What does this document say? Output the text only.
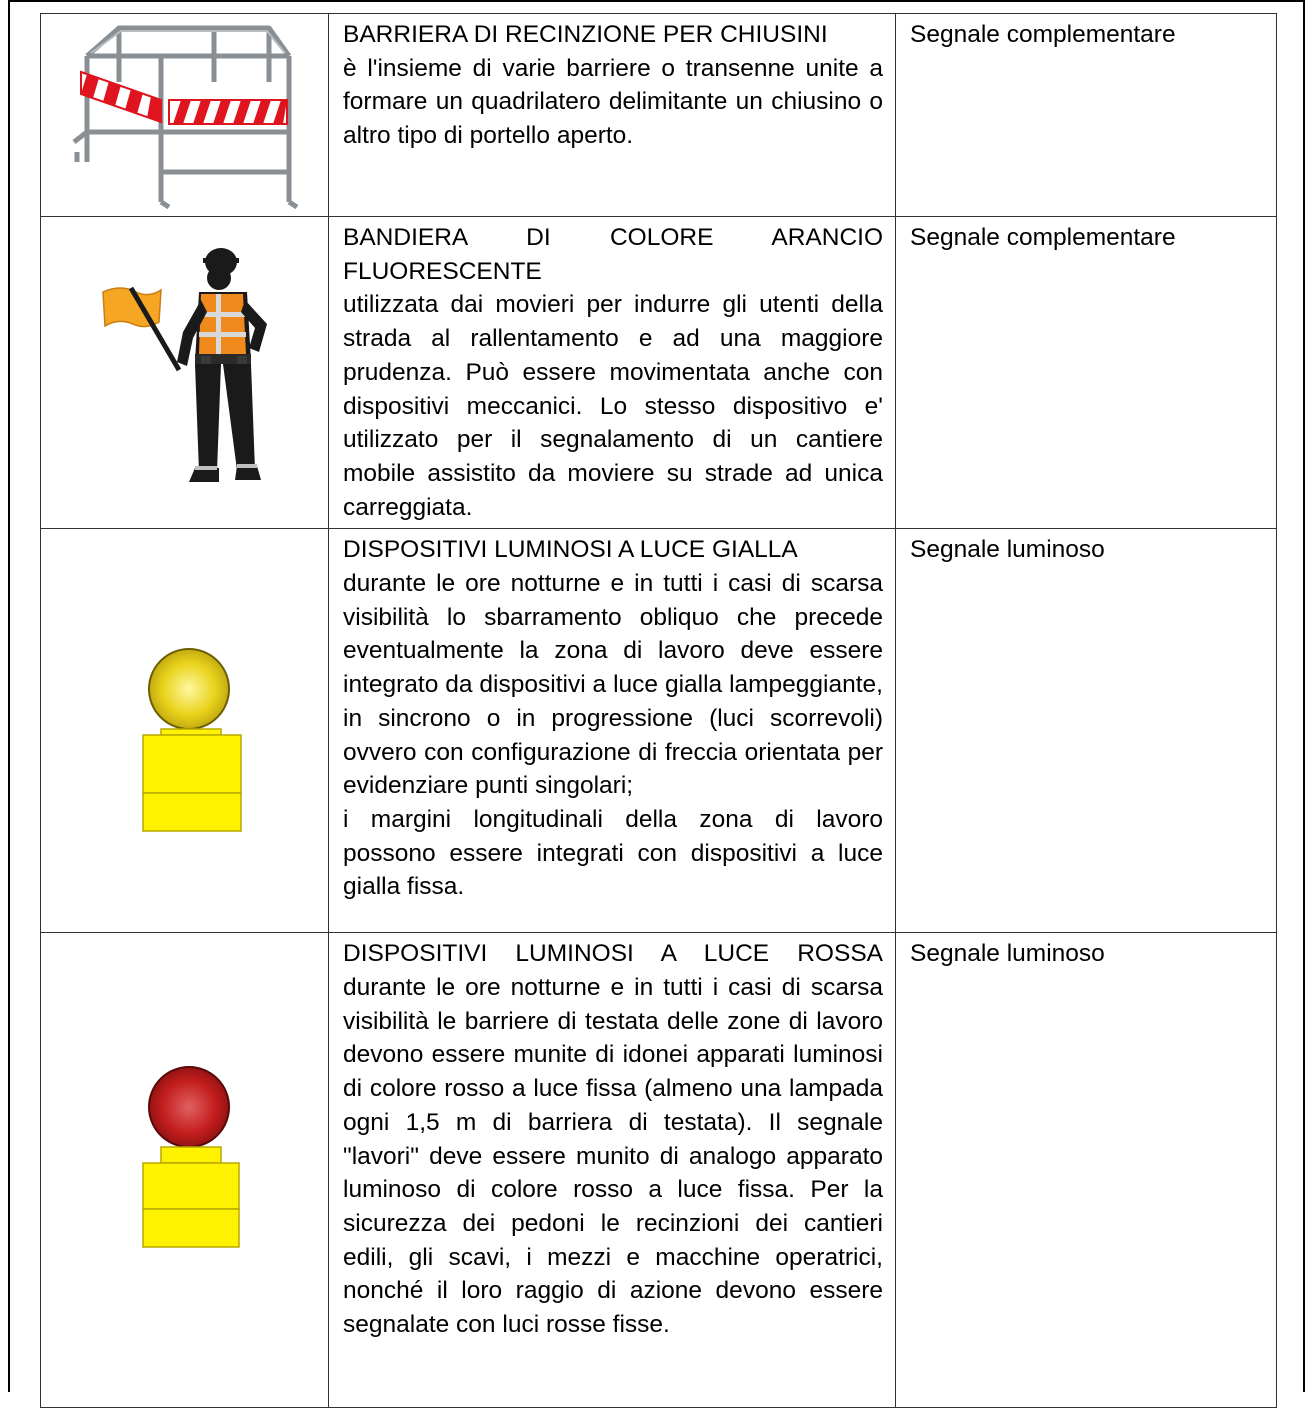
BARRIERA DI RECINZIONE PER CHIUSINI
è l'insieme di varie barriere o transenne unite a formare un quadrilatero delimitante un chiusino o altro tipo di portello aperto.	Segnale complementare

BANDIERA DI COLORE ARANCIO FLUORESCENTE
utilizzata dai movieri per indurre gli utenti della strada al rallentamento e ad una maggiore prudenza. Può essere movimentata anche con dispositivi meccanici. Lo stesso dispositivo e' utilizzato per il segnalamento di un cantiere mobile assistito da moviere su strade ad unica carreggiata.	Segnale complementare

DISPOSITIVI LUMINOSI A LUCE GIALLA
durante le ore notturne e in tutti i casi di scarsa visibilità lo sbarramento obliquo che precede eventualmente la zona di lavoro deve essere integrato da dispositivi a luce gialla lampeggiante, in sincrono o in progressione (luci scorrevoli) ovvero con configurazione di freccia orientata per evidenziare punti singolari;
i margini longitudinali della zona di lavoro possono essere integrati con dispositivi a luce gialla fissa.	Segnale luminoso

DISPOSITIVI LUMINOSI A LUCE ROSSA
durante le ore notturne e in tutti i casi di scarsa visibilità le barriere di testata delle zone di lavoro devono essere munite di idonei apparati luminosi di colore rosso a luce fissa (almeno una lampada ogni 1,5 m di barriera di testata). Il segnale "lavori" deve essere munito di analogo apparato luminoso di colore rosso a luce fissa. Per la sicurezza dei pedoni le recinzioni dei cantieri edili, gli scavi, i mezzi e macchine operatrici, nonché il loro raggio di azione devono essere segnalate con luci rosse fisse.	Segnale luminoso
